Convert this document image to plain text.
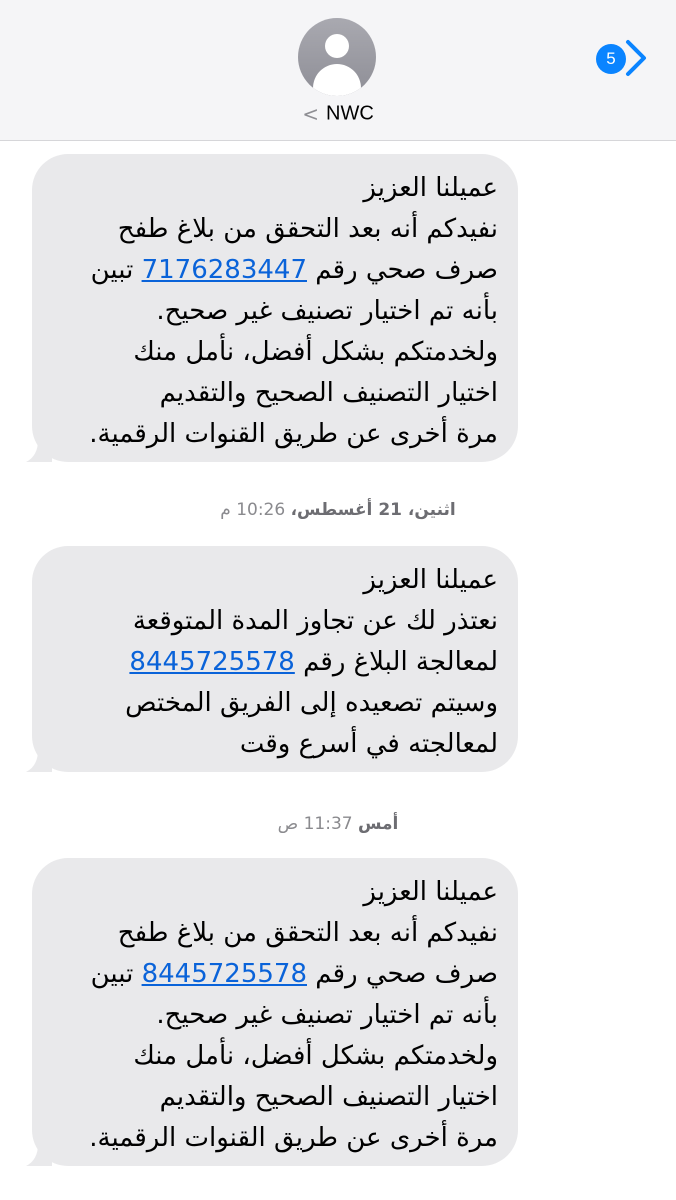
< NWC
5

عميلنا العزيز

نفيدكم أنه بعد التحقق من بلاغ طفح

صرف صحي رقم 7176283447 تبين

بأنه تم اختيار تصنيف غير صحيح.

ولخدمتكم بشكل أفضل، نأمل منك

اختيار التصنيف الصحيح والتقديم

مرة أخرى عن طريق القنوات الرقمية.

اثنين، 21 أغسطس، 10:26 م

عميلنا العزيز

نعتذر لك عن تجاوز المدة المتوقعة

لمعالجة البلاغ رقم 8445725578

وسيتم تصعيده إلى الفريق المختص

لمعالجته في أسرع وقت

أمس 11:37 ص

عميلنا العزيز

نفيدكم أنه بعد التحقق من بلاغ طفح

صرف صحي رقم 8445725578 تبين

بأنه تم اختيار تصنيف غير صحيح.

ولخدمتكم بشكل أفضل، نأمل منك

اختيار التصنيف الصحيح والتقديم

مرة أخرى عن طريق القنوات الرقمية.
